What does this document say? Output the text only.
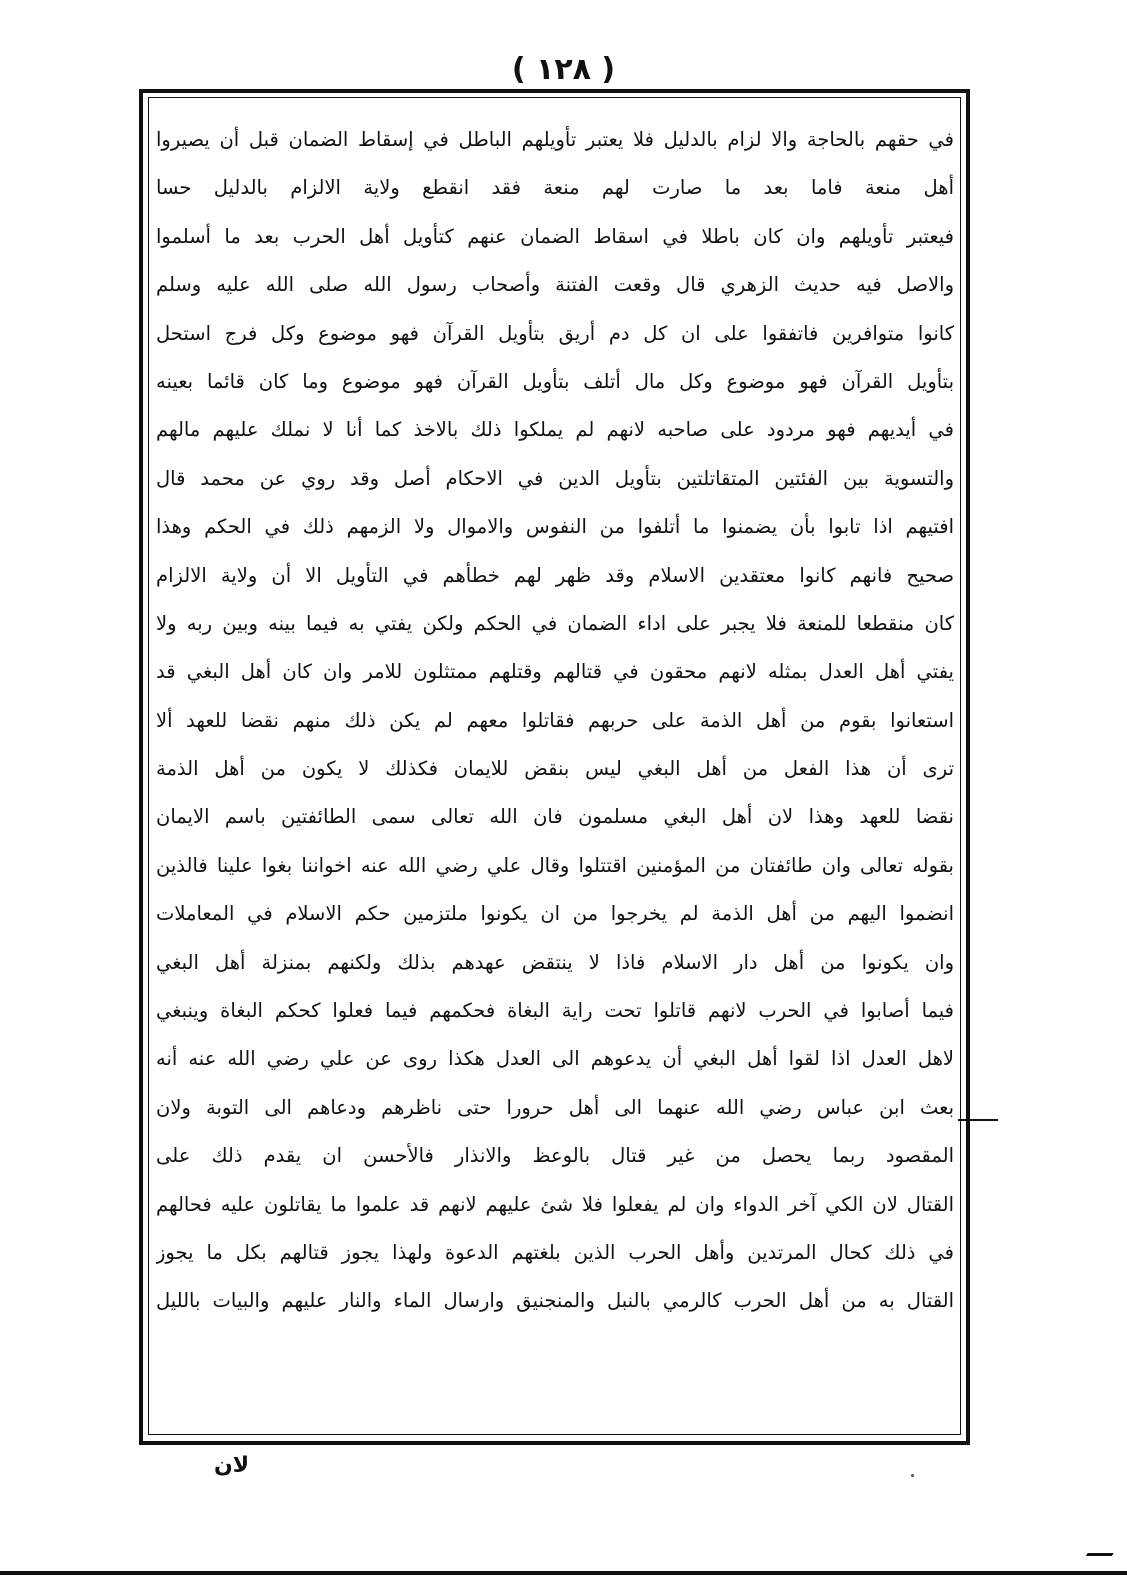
( ١٢٨ )
في حقهم بالحاجة والا لزام بالدليل فلا يعتبر تأويلهم الباطل في إسقاط الضمان قبل أن يصيروا
أهل منعة فاما بعد ما صارت لهم منعة فقد انقطع ولاية الالزام بالدليل حسا
فيعتبر تأويلهم وان كان باطلا في اسقاط الضمان عنهم كتأويل أهل الحرب بعد ما أسلموا
والاصل فيه حديث الزهري قال وقعت الفتنة وأصحاب رسول الله صلى الله عليه وسلم
كانوا متوافرين فاتفقوا على ان كل دم أريق بتأويل القرآن فهو موضوع وكل فرج استحل
بتأويل القرآن فهو موضوع وكل مال أتلف بتأويل القرآن فهو موضوع وما كان قائما بعينه
في أيديهم فهو مردود على صاحبه لانهم لم يملكوا ذلك بالاخذ كما أنا لا نملك عليهم مالهم
والتسوية بين الفئتين المتقاتلتين بتأويل الدين في الاحكام أصل وقد روي عن محمد قال
افتيهم اذا تابوا بأن يضمنوا ما أتلفوا من النفوس والاموال ولا الزمهم ذلك في الحكم وهذا
صحيح فانهم كانوا معتقدين الاسلام وقد ظهر لهم خطأهم في التأويل الا أن ولاية الالزام
كان منقطعا للمنعة فلا يجبر على اداء الضمان في الحكم ولكن يفتي به فيما بينه وبين ربه ولا
يفتي أهل العدل بمثله لانهم محقون في قتالهم وقتلهم ممتثلون للامر وان كان أهل البغي قد
استعانوا بقوم من أهل الذمة على حربهم فقاتلوا معهم لم يكن ذلك منهم نقضا للعهد ألا
ترى أن هذا الفعل من أهل البغي ليس بنقض للايمان فكذلك لا يكون من أهل الذمة
نقضا للعهد وهذا لان أهل البغي مسلمون فان الله تعالى سمى الطائفتين باسم الايمان
بقوله تعالى وان طائفتان من المؤمنين اقتتلوا وقال علي رضي الله عنه اخواننا بغوا علينا فالذين
انضموا اليهم من أهل الذمة لم يخرجوا من ان يكونوا ملتزمين حكم الاسلام في المعاملات
وان يكونوا من أهل دار الاسلام فاذا لا ينتقض عهدهم بذلك ولكنهم بمنزلة أهل البغي
فيما أصابوا في الحرب لانهم قاتلوا تحت راية البغاة فحكمهم فيما فعلوا كحكم البغاة وينبغي
لاهل العدل اذا لقوا أهل البغي أن يدعوهم الى العدل هكذا روى عن علي رضي الله عنه أنه
بعث ابن عباس رضي الله عنهما الى أهل حرورا حتى ناظرهم ودعاهم الى التوبة ولان
المقصود ربما يحصل من غير قتال بالوعظ والانذار فالأحسن ان يقدم ذلك على
القتال لان الكي آخر الدواء وان لم يفعلوا فلا شئ عليهم لانهم قد علموا ما يقاتلون عليه فحالهم
في ذلك كحال المرتدين وأهل الحرب الذين بلغتهم الدعوة ولهذا يجوز قتالهم بكل ما يجوز
القتال به من أهل الحرب كالرمي بالنبل والمنجنيق وارسال الماء والنار عليهم والبيات بالليل
لان
